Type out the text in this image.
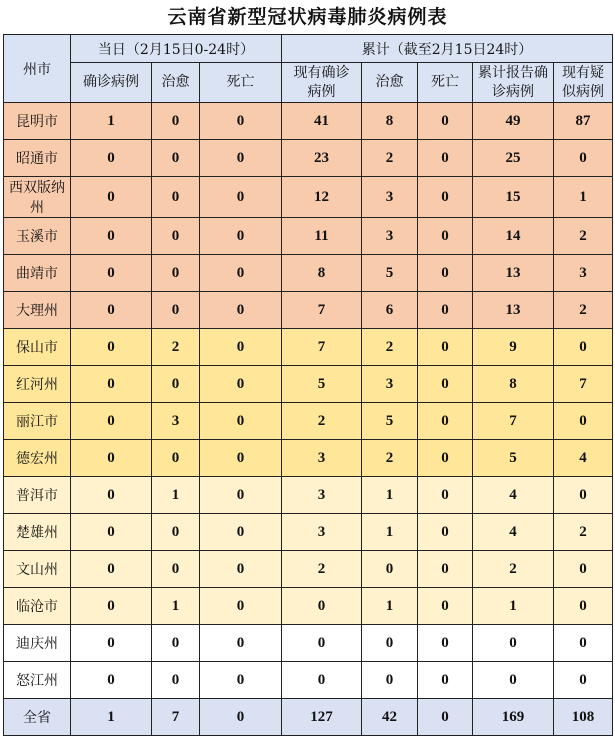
云南省新型冠状病毒肺炎病例表
州市	当日（2月15日0-24时）			累计（截至2月15日24时）				
	确诊病例	治愈	死亡	现有确诊病例	治愈	死亡	累计报告确诊病例	现有疑似病例
昆明市	1	0	0	41	8	0	49	87
昭通市	0	0	0	23	2	0	25	0
西双版纳州	0	0	0	12	3	0	15	1
玉溪市	0	0	0	11	3	0	14	2
曲靖市	0	0	0	8	5	0	13	3
大理州	0	0	0	7	6	0	13	2
保山市	0	2	0	7	2	0	9	0
红河州	0	0	0	5	3	0	8	7
丽江市	0	3	0	2	5	0	7	0
德宏州	0	0	0	3	2	0	5	4
普洱市	0	1	0	3	1	0	4	0
楚雄州	0	0	0	3	1	0	4	2
文山州	0	0	0	2	0	0	2	0
临沧市	0	1	0	0	1	0	1	0
迪庆州	0	0	0	0	0	0	0	0
怒江州	0	0	0	0	0	0	0	0
全省	1	7	0	127	42	0	169	108
